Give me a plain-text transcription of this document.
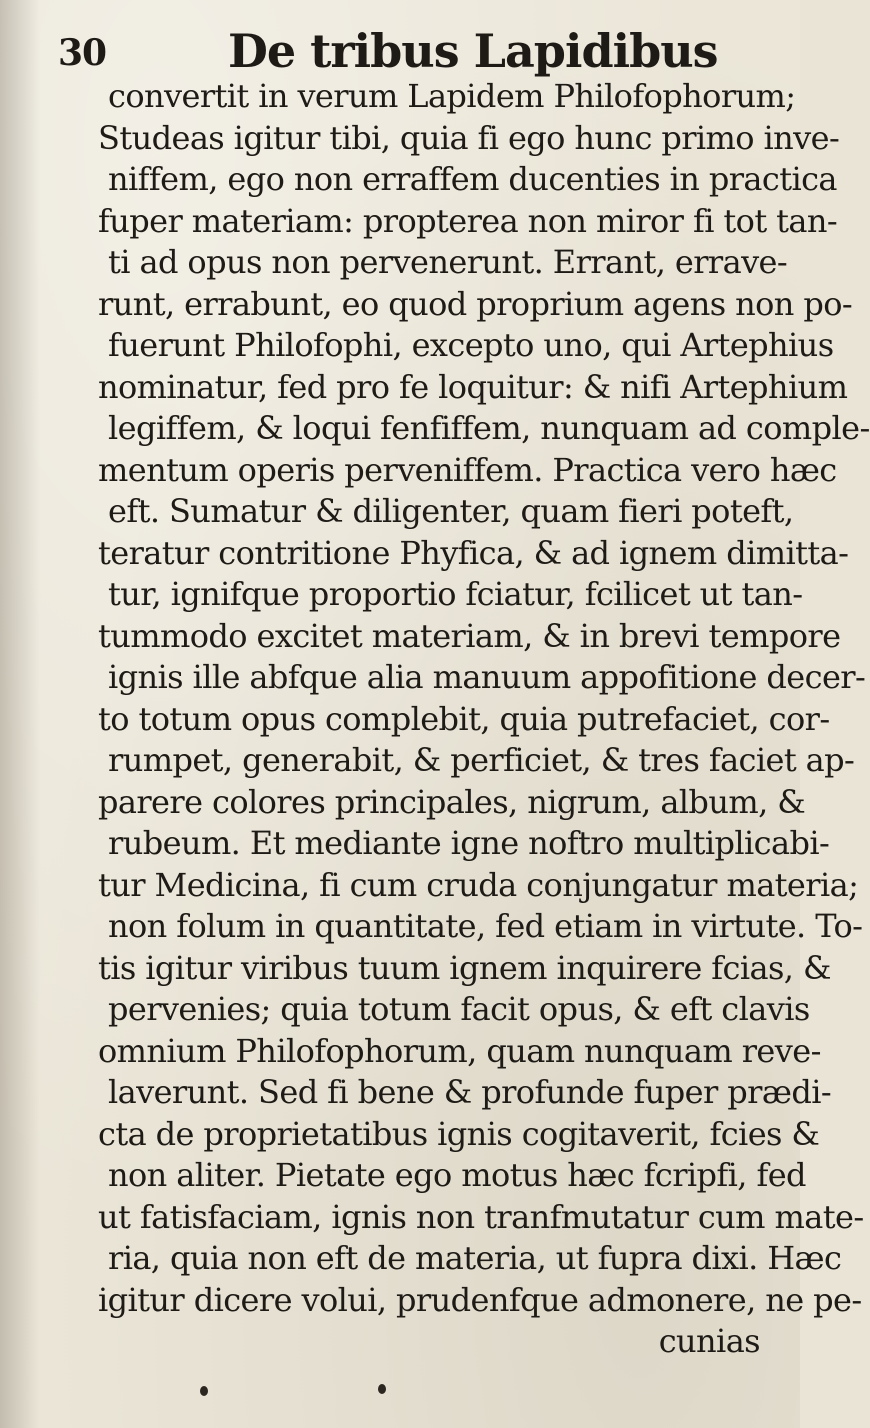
30	De tribus Lapidibus
convertit in verum Lapidem Philofophorum;
Studeas igitur tibi, quia fi ego hunc primo inve-
niffem, ego non erraffem ducenties in practica
fuper materiam: propterea non miror fi tot tan-
ti ad opus non pervenerunt. Errant, errave-
runt, errabunt, eo quod proprium agens non po-
fuerunt Philofophi, excepto uno, qui Artephius
nominatur, fed pro fe loquitur: & nifi Artephium
legiffem, & loqui fenfiffem, nunquam ad comple-
mentum operis perveniffem. Practica vero hæc
eft. Sumatur & diligenter, quam fieri poteft,
teratur contritione Phyfica, & ad ignem dimitta-
tur, ignifque proportio fciatur, fcilicet ut tan-
tummodo excitet materiam, & in brevi tempore
ignis ille abfque alia manuum appofitione decer-
to totum opus complebit, quia putrefaciet, cor-
rumpet, generabit, & perficiet, & tres faciet ap-
parere colores principales, nigrum, album, &
rubeum. Et mediante igne noftro multiplicabi-
tur Medicina, fi cum cruda conjungatur materia;
non folum in quantitate, fed etiam in virtute. To-
tis igitur viribus tuum ignem inquirere fcias, &
pervenies; quia totum facit opus, & eft clavis
omnium Philofophorum, quam nunquam reve-
laverunt. Sed fi bene & profunde fuper prædi-
cta de proprietatibus ignis cogitaverit, fcies &
non aliter. Pietate ego motus hæc fcripfi, fed
ut fatisfaciam, ignis non tranfmutatur cum mate-
ria, quia non eft de materia, ut fupra dixi. Hæc
igitur dicere volui, prudenfque admonere, ne pe-
cunias
